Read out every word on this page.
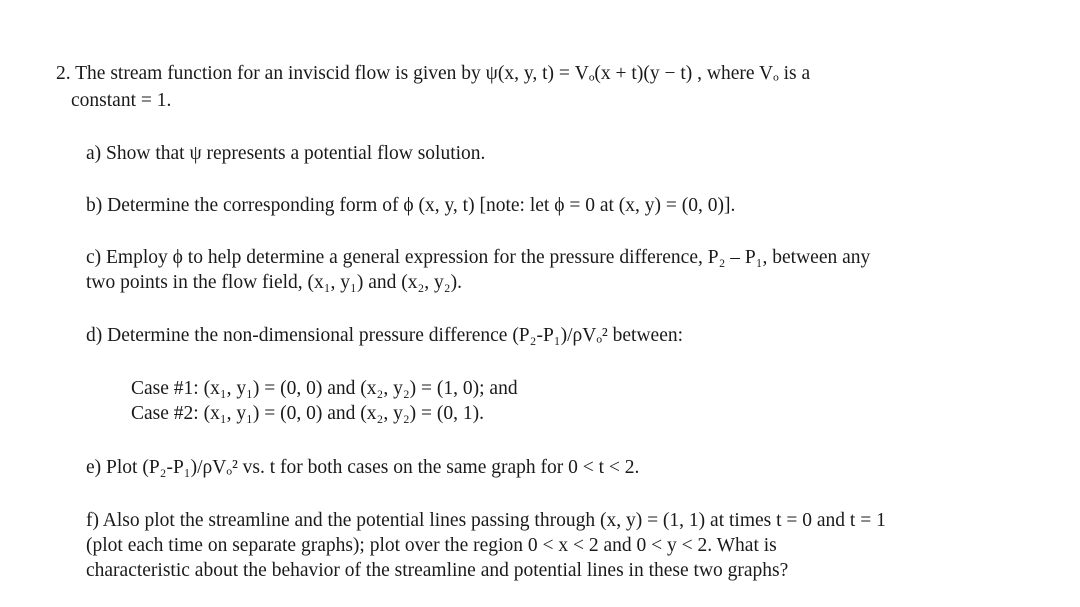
2. The stream function for an inviscid flow is given by ψ(x, y, t) = Vₒ(x + t)(y − t) , where Vₒ is a
constant = 1.
a) Show that ψ represents a potential flow solution.
b) Determine the corresponding form of ϕ (x, y, t) [note: let ϕ = 0 at (x, y) = (0, 0)].
c) Employ ϕ to help determine a general expression for the pressure difference, P₂ – P₁, between any
two points in the flow field, (x₁, y₁) and (x₂, y₂).
d) Determine the non-dimensional pressure difference (P₂-P₁)/ρVₒ² between:
Case #1: (x₁, y₁) = (0, 0) and (x₂, y₂) = (1, 0); and
Case #2: (x₁, y₁) = (0, 0) and (x₂, y₂) = (0, 1).
e) Plot (P₂-P₁)/ρVₒ² vs. t for both cases on the same graph for 0 < t < 2.
f) Also plot the streamline and the potential lines passing through (x, y) = (1, 1) at times t = 0 and t = 1
(plot each time on separate graphs); plot over the region 0 < x < 2 and 0 < y < 2. What is
characteristic about the behavior of the streamline and potential lines in these two graphs?
